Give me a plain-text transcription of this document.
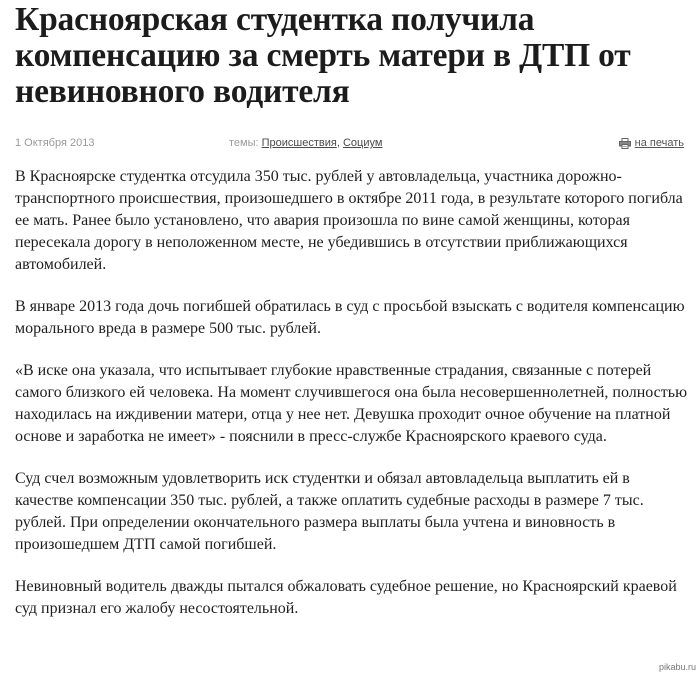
Красноярская студентка получила компенсацию за смерть матери в ДТП от невиновного водителя
1 Октября 2013	темы: Происшествия, Социум	на печать

В Красноярске студентка отсудила 350 тыс. рублей у автовладельца, участника дорожно-транспортного происшествия, произошедшего в октябре 2011 года, в результате которого погибла ее мать. Ранее было установлено, что авария произошла по вине самой женщины, которая пересекала дорогу в неположенном месте, не убедившись в отсутствии приближающихся автомобилей.

В январе 2013 года дочь погибшей обратилась в суд с просьбой взыскать с водителя компенсацию морального вреда в размере 500 тыс. рублей.

«В иске она указала, что испытывает глубокие нравственные страдания, связанные с потерей самого близкого ей человека. На момент случившегося она была несовершеннолетней, полностью находилась на иждивении матери, отца у нее нет. Девушка проходит очное обучение на платной основе и заработка не имеет» - пояснили в пресс-службе Красноярского краевого суда.

Суд счел возможным удовлетворить иск студентки и обязал автовладельца выплатить ей в качестве компенсации 350 тыс. рублей, а также оплатить судебные расходы в размере 7 тыс. рублей. При определении окончательного размера выплаты была учтена и виновность в произошедшем ДТП самой погибшей.

Невиновный водитель дважды пытался обжаловать судебное решение, но Красноярский краевой суд признал его жалобу несостоятельной.

pikabu.ru
